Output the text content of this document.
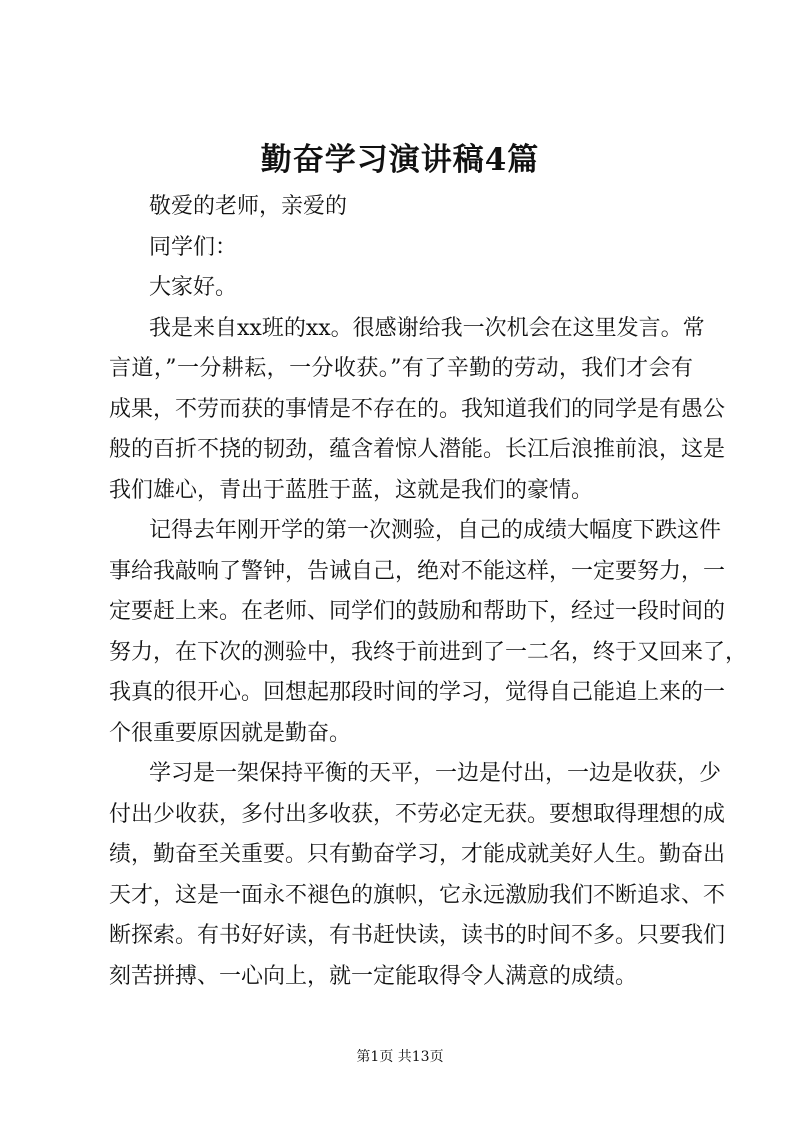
勤奋学习演讲稿4篇
敬爱的老师，亲爱的
同学们：
大家好。
我是来自xx班的xx。很感谢给我一次机会在这里发言。常
言道，”一分耕耘，一分收获。”有了辛勤的劳动，我们才会有
成果，不劳而获的事情是不存在的。我知道我们的同学是有愚公
般的百折不挠的韧劲，蕴含着惊人潜能。长江后浪推前浪，这是
我们雄心，青出于蓝胜于蓝，这就是我们的豪情。
记得去年刚开学的第一次测验，自己的成绩大幅度下跌这件
事给我敲响了警钟，告诫自己，绝对不能这样，一定要努力，一
定要赶上来。在老师、同学们的鼓励和帮助下，经过一段时间的
努力，在下次的测验中，我终于前进到了一二名，终于又回来了，
我真的很开心。回想起那段时间的学习，觉得自己能追上来的一
个很重要原因就是勤奋。
学习是一架保持平衡的天平，一边是付出，一边是收获，少
付出少收获，多付出多收获，不劳必定无获。要想取得理想的成
绩，勤奋至关重要。只有勤奋学习，才能成就美好人生。勤奋出
天才，这是一面永不褪色的旗帜，它永远激励我们不断追求、不
断探索。有书好好读，有书赶快读，读书的时间不多。只要我们
刻苦拼搏、一心向上，就一定能取得令人满意的成绩。
第1页 共13页
